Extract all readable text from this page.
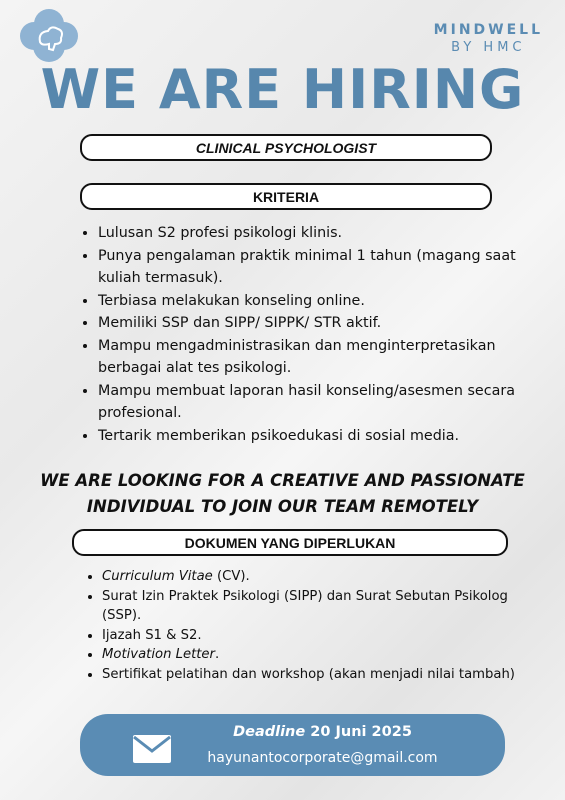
MINDWELL
BY HMC
WE ARE HIRING
CLINICAL PSYCHOLOGIST
KRITERIA
• Lulusan S2 profesi psikologi klinis.
• Punya pengalaman praktik minimal 1 tahun (magang saat kuliah termasuk).
• Terbiasa melakukan konseling online.
• Memiliki SSP dan SIPP/ SIPPK/ STR aktif.
• Mampu mengadministrasikan dan menginterpretasikan berbagai alat tes psikologi.
• Mampu membuat laporan hasil konseling/asesmen secara profesional.
• Tertarik memberikan psikoedukasi di sosial media.
WE ARE LOOKING FOR A CREATIVE AND PASSIONATE
INDIVIDUAL TO JOIN OUR TEAM REMOTELY
DOKUMEN YANG DIPERLUKAN
• Curriculum Vitae (CV).
• Surat Izin Praktek Psikologi (SIPP) dan Surat Sebutan Psikolog (SSP).
• Ijazah S1 & S2.
• Motivation Letter.
• Sertifikat pelatihan dan workshop (akan menjadi nilai tambah)
Deadline 20 Juni 2025
hayunantocorporate@gmail.com
